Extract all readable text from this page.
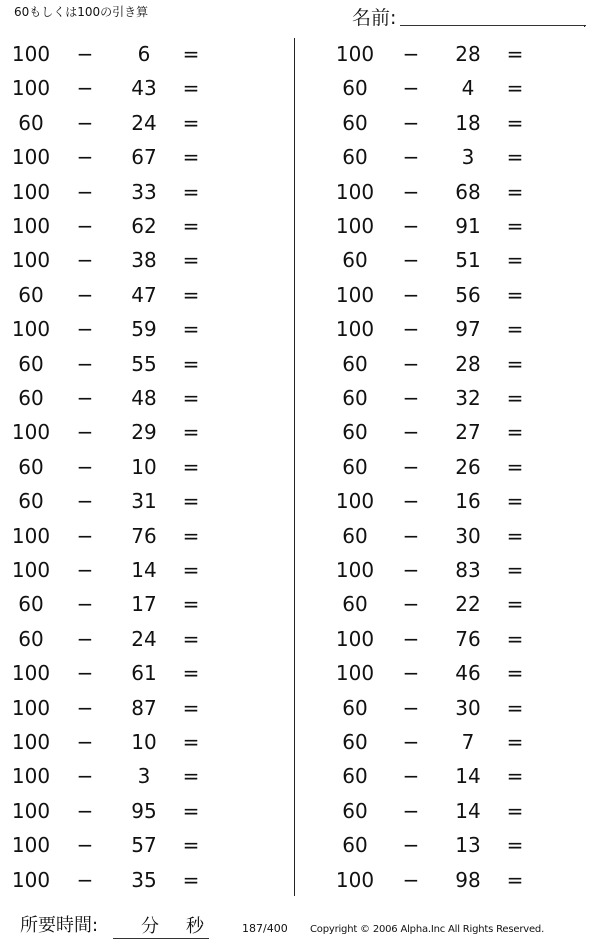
60もしくは100の引き算	名前:	.
100	−	6	=	100	−	28	=
100	−	43	=	60	−	4	=
60	−	24	=	60	−	18	=
100	−	67	=	60	−	3	=
100	−	33	=	100	−	68	=
100	−	62	=	100	−	91	=
100	−	38	=	60	−	51	=
60	−	47	=	100	−	56	=
100	−	59	=	100	−	97	=
60	−	55	=	60	−	28	=
60	−	48	=	60	−	32	=
100	−	29	=	60	−	27	=
60	−	10	=	60	−	26	=
60	−	31	=	100	−	16	=
100	−	76	=	60	−	30	=
100	−	14	=	100	−	83	=
60	−	17	=	60	−	22	=
60	−	24	=	100	−	76	=
100	−	61	=	100	−	46	=
100	−	87	=	60	−	30	=
100	−	10	=	60	−	7	=
100	−	3	=	60	−	14	=
100	−	95	=	60	−	14	=
100	−	57	=	60	−	13	=
100	−	35	=	100	−	98	=
所要時間: 分 秒	187/400 Copyright © 2006 Alpha.Inc All Rights Reserved.
